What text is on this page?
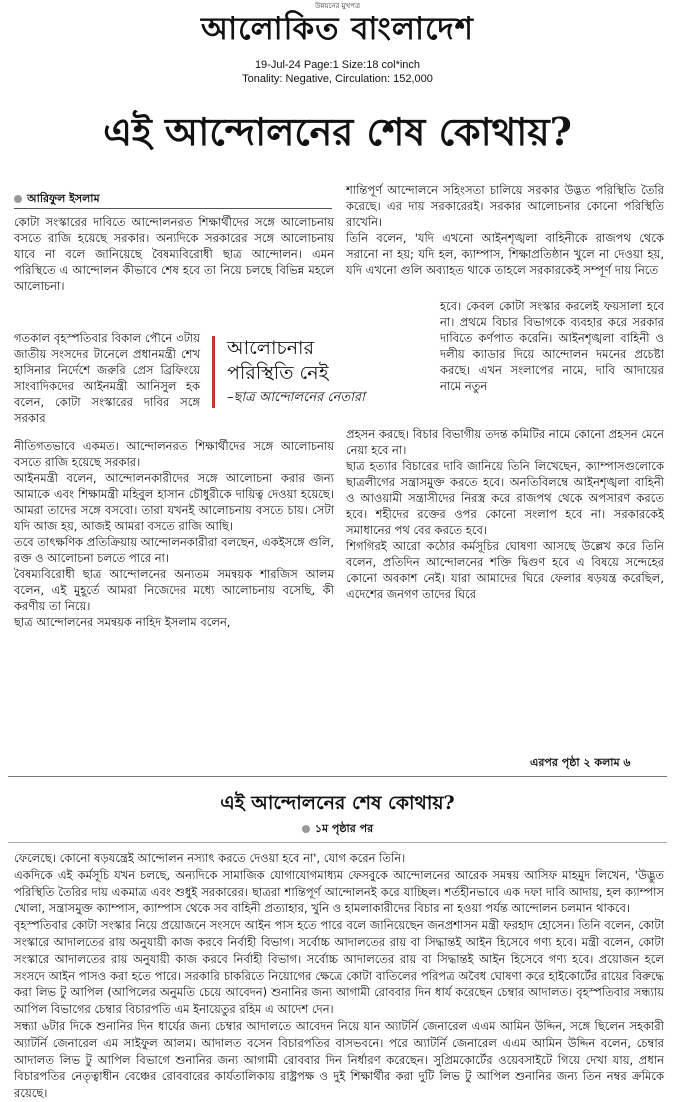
উন্নয়নের মুখপত্র
আলোকিত বাংলাদেশ
19-Jul-24 Page:1 Size:18 col*inch
Tonality: Negative, Circulation: 152,000
এই আন্দোলনের শেষ কোথায়?
আরিফুল ইসলাম

কোটা সংস্কারের দাবিতে আন্দোলনরত শিক্ষার্থীদের সঙ্গে আলোচনায় বসতে রাজি হয়েছে সরকার। অন্যদিকে সরকারের সঙ্গে আলোচনায় যাবে না বলে জানিয়েছে বৈষম্যবিরোধী ছাত্র আন্দোলন। এমন পরিস্থিতে এ আন্দোলন কীভাবে শেষ হবে তা নিয়ে চলছে বিভিন্ন মহলে আলোচনা।

গতকাল বৃহস্পতিবার বিকাল পৌনে ৩টায় জাতীয় সংসদের টানেলে প্রধানমন্ত্রী শেখ হাসিনার নির্দেশে জরুরি প্রেস ব্রিফিংয়ে সাংবাদিকদের আইনমন্ত্রী আনিসুল হক বলেন, কোটা সংস্কারের দাবির সঙ্গে সরকার

আলোচনার
পরিস্থিতি নেই
–ছাত্র আন্দোলনের নেতারা

নীতিগতভাবে একমত। আন্দোলনরত শিক্ষার্থীদের সঙ্গে আলোচনায় বসতে রাজি হয়েছে সরকার।

আইনমন্ত্রী বলেন, আন্দোলনকারীদের সঙ্গে আলোচনা করার জন্য আমাকে এবং শিক্ষামন্ত্রী মহিবুল হাসান চৌধুরীকে দায়িত্ব দেওয়া হয়েছে। আমরা তাদের সঙ্গে বসবো। তারা যখনই আলোচনায় বসতে চায়। সেটা যদি আজ হয়, আজই আমরা বসতে রাজি আছি।

তবে তাৎক্ষণিক প্রতিক্রিয়ায় আন্দোলনকারীরা বলছেন, একইসঙ্গে গুলি, রক্ত ও আলোচনা চলতে পারে না।

বৈষম্যবিরোধী ছাত্র আন্দোলনের অন্যতম সমন্বয়ক শারজিস আলম বলেন, এই মুহূর্তে আমরা নিজেদের মধ্যে আলোচনায় বসেছি, কী করণীয় তা নিয়ে।

ছাত্র আন্দোলনের সমন্বয়ক নাহিদ ইসলাম বলেন,

শান্তিপূর্ণ আন্দোলনে সহিংসতা চালিয়ে সরকার উদ্ভত পরিস্থিতি তৈরি করেছে। এর দায় সরকারেরই। সরকার আলোচনার কোনো পরিস্থিতি রাখেনি।

তিনি বলেন, 'যদি এখনো আইনশৃঙ্খলা বাহিনীকে রাজপথ থেকে সরানো না হয়; যদি হল, ক্যাম্পাস, শিক্ষাপ্রতিষ্ঠান খুলে না দেওয়া হয়, যদি এখনো গুলি অব্যাহত থাকে তাহলে সরকারকেই সম্পূর্ণ দায় নিতে

হবে। কেবল কোটা সংস্কার করলেই ফয়সালা হবে না। প্রথমে বিচার বিভাগকে ব্যবহার করে সরকার দাবিতে কর্ণপাত করেনি। আইনশৃঙ্খলা বাহিনী ও দলীয় ক্যাডার দিয়ে আন্দোলন দমনের প্রচেষ্টা করছে। এখন সংলাপের নামে, দাবি আদায়ের নামে নতুন

প্রহসন করছে। বিচার বিভাগীয় তদন্ত কমিটির নামে কোনো প্রহসন মেনে নেয়া হবে না।

ছাত্র হত্যার বিচারের দাবি জানিয়ে তিনি লিখেছেন, ক্যাম্পাসগুলোকে ছাত্রলীগের সন্ত্রাসমুক্ত করতে হবে। অনতিবিলম্বে আইনশৃঙ্খলা বাহিনী ও আওয়ামী সন্ত্রাসীদের নিরস্ত্র করে রাজপথ থেকে অপসারণ করতে হবে। শহীদের রক্তের ওপর কোনো সংলাপ হবে না। সরকারকেই সমাধানের পথ বের করতে হবে।

শিগগিরই আরো কঠোর কর্মসূচির ঘোষণা আসছে উল্লেখ করে তিনি বলেন, প্রতিদিন আন্দোলনের শক্তি দ্বিগুণ হবে এ বিষয়ে সন্দেহের কোনো অবকাশ নেই। যারা আমাদের ঘিরে ফেলার ষড়যন্ত্র করেছিল, এদেশের জনগণ তাদের ঘিরে

এরপর পৃষ্ঠা ২ কলাম ৬
এই আন্দোলনের শেষ কোথায়?
১ম পৃষ্ঠার পর

ফেলেছে। কোনো ষড়যন্ত্রেই আন্দোলন নস্যাৎ করতে দেওয়া হবে না', যোগ করেন তিনি।

একদিকে এই কর্মসূচি যখন চলছে, অন্যদিকে সামাজিক যোগাযোগমাধ্যম ফেসবুকে আন্দোলনের আরেক সমন্বয় আসিফ মাহমুদ লিখেন, 'উদ্ভুত পরিস্থিতি তৈরির দায় একমাত্র এবং শুধুই সরকারের। ছাত্ররা শান্তিপূর্ণ আন্দোলনই করে যাচ্ছিল। শর্তহীনভাবে এক দফা দাবি আদায়, হল ক্যাম্পাস খোলা, সন্ত্রাসমুক্ত ক্যাম্পাস, ক্যাম্পাস থেকে সব বাহিনী প্রত্যাহার, খুনি ও হামলাকারীদের বিচার না হওয়া পর্যন্ত আন্দোলন চলমান থাকবে।

বৃহস্পতিবার কোটা সংস্কার নিয়ে প্রয়োজনে সংসদে আইন পাস হতে পারে বলে জানিয়েছেন জনপ্রশাসন মন্ত্রী ফরহাদ হোসেন। তিনি বলেন, কোটা সংস্কারে আদালতের রায় অনুযায়ী কাজ করবে নির্বাহী বিভাগ। সর্বোচ্চ আদালতের রায় বা সিদ্ধান্তই আইন হিসেবে গণ্য হবে। মন্ত্রী বলেন, কোটা সংস্কারে আদালতের রায় অনুযায়ী কাজ করবে নির্বাহী বিভাগ। সর্বোচ্চ আদালতের রায় বা সিদ্ধান্তই আইন হিসেবে গণ্য হবে। প্রয়োজন হলে সংসদে আইন পাসও করা হতে পারে। সরকারি চাকরিতে নিয়োগের ক্ষেত্রে কোটা বাতিলের পরিপত্র অবৈধ ঘোষণা করে হাইকোর্টের রায়ের বিরুদ্ধে করা লিভ টু আপিল (আপিলের অনুমতি চেয়ে আবেদন) শুনানির জন্য আগামী রোববার দিন ধার্য করেছেন চেম্বার আদালত। বৃহস্পতিবার সন্ধ্যায় আপিল বিভাগের চেম্বার বিচারপতি এম ইনায়েতুর রহিম এ আদেশ দেন।

সন্ধ্যা ৬টার দিকে শুনানির দিন ধার্যের জন্য চেম্বার আদালতে আবেদন নিয়ে যান অ্যাটর্নি জেনারেল এএম আমিন উদ্দিন, সঙ্গে ছিলেন সহকারী অ্যাটর্নি জেনারেল এম সাইফুল আলম। আদালত বসেন বিচারপতির বাসভবনে। পরে অ্যাটর্নি জেনারেল এএম আমিন উদ্দিন বলেন, চেম্বার আদালত লিভ টু আপিল বিভাগে শুনানির জন্য আগামী রোববার দিন নির্ধারণ করেছেন। সুপ্রিমকোর্টের ওয়েবসাইটে গিয়ে দেখা যায়, প্রধান বিচারপতির নেতৃত্বাধীন বেঞ্চের রোববারের কার্যতালিকায় রাষ্ট্রপক্ষ ও দুই শিক্ষার্থীর করা দুটি লিভ টু আপিল শুনানির জন্য তিন নম্বর ক্রমিকে রয়েছে।
